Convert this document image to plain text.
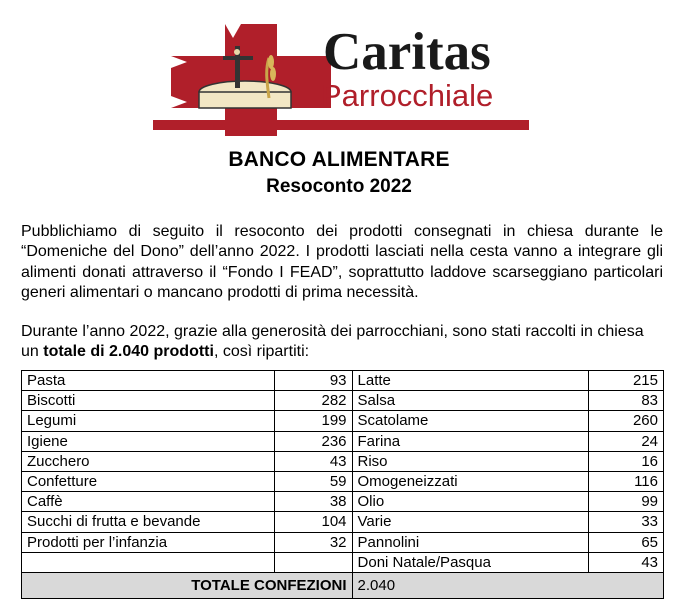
Caritas
Parrocchiale
BANCO ALIMENTARE
Resoconto 2022

Pubblichiamo di seguito il resoconto dei prodotti consegnati in chiesa durante le “Domeniche del Dono” dell’anno 2022. I prodotti lasciati nella cesta vanno a integrare gli alimenti donati attraverso il “Fondo I FEAD”, soprattutto laddove scarseggiano particolari generi alimentari o mancano prodotti di prima necessità.

Durante l’anno 2022, grazie alla generosità dei parrocchiani, sono stati raccolti in chiesa un totale di 2.040 prodotti, così ripartiti:

Pasta	93	Latte	215
Biscotti	282	Salsa	83
Legumi	199	Scatolame	260
Igiene	236	Farina	24
Zucchero	43	Riso	16
Confetture	59	Omogeneizzati	116
Caffè	38	Olio	99
Succhi di frutta e bevande	104	Varie	33
Prodotti per l’infanzia	32	Pannolini	65
		Doni Natale/Pasqua	43
TOTALE CONFEZIONI		2.040	
